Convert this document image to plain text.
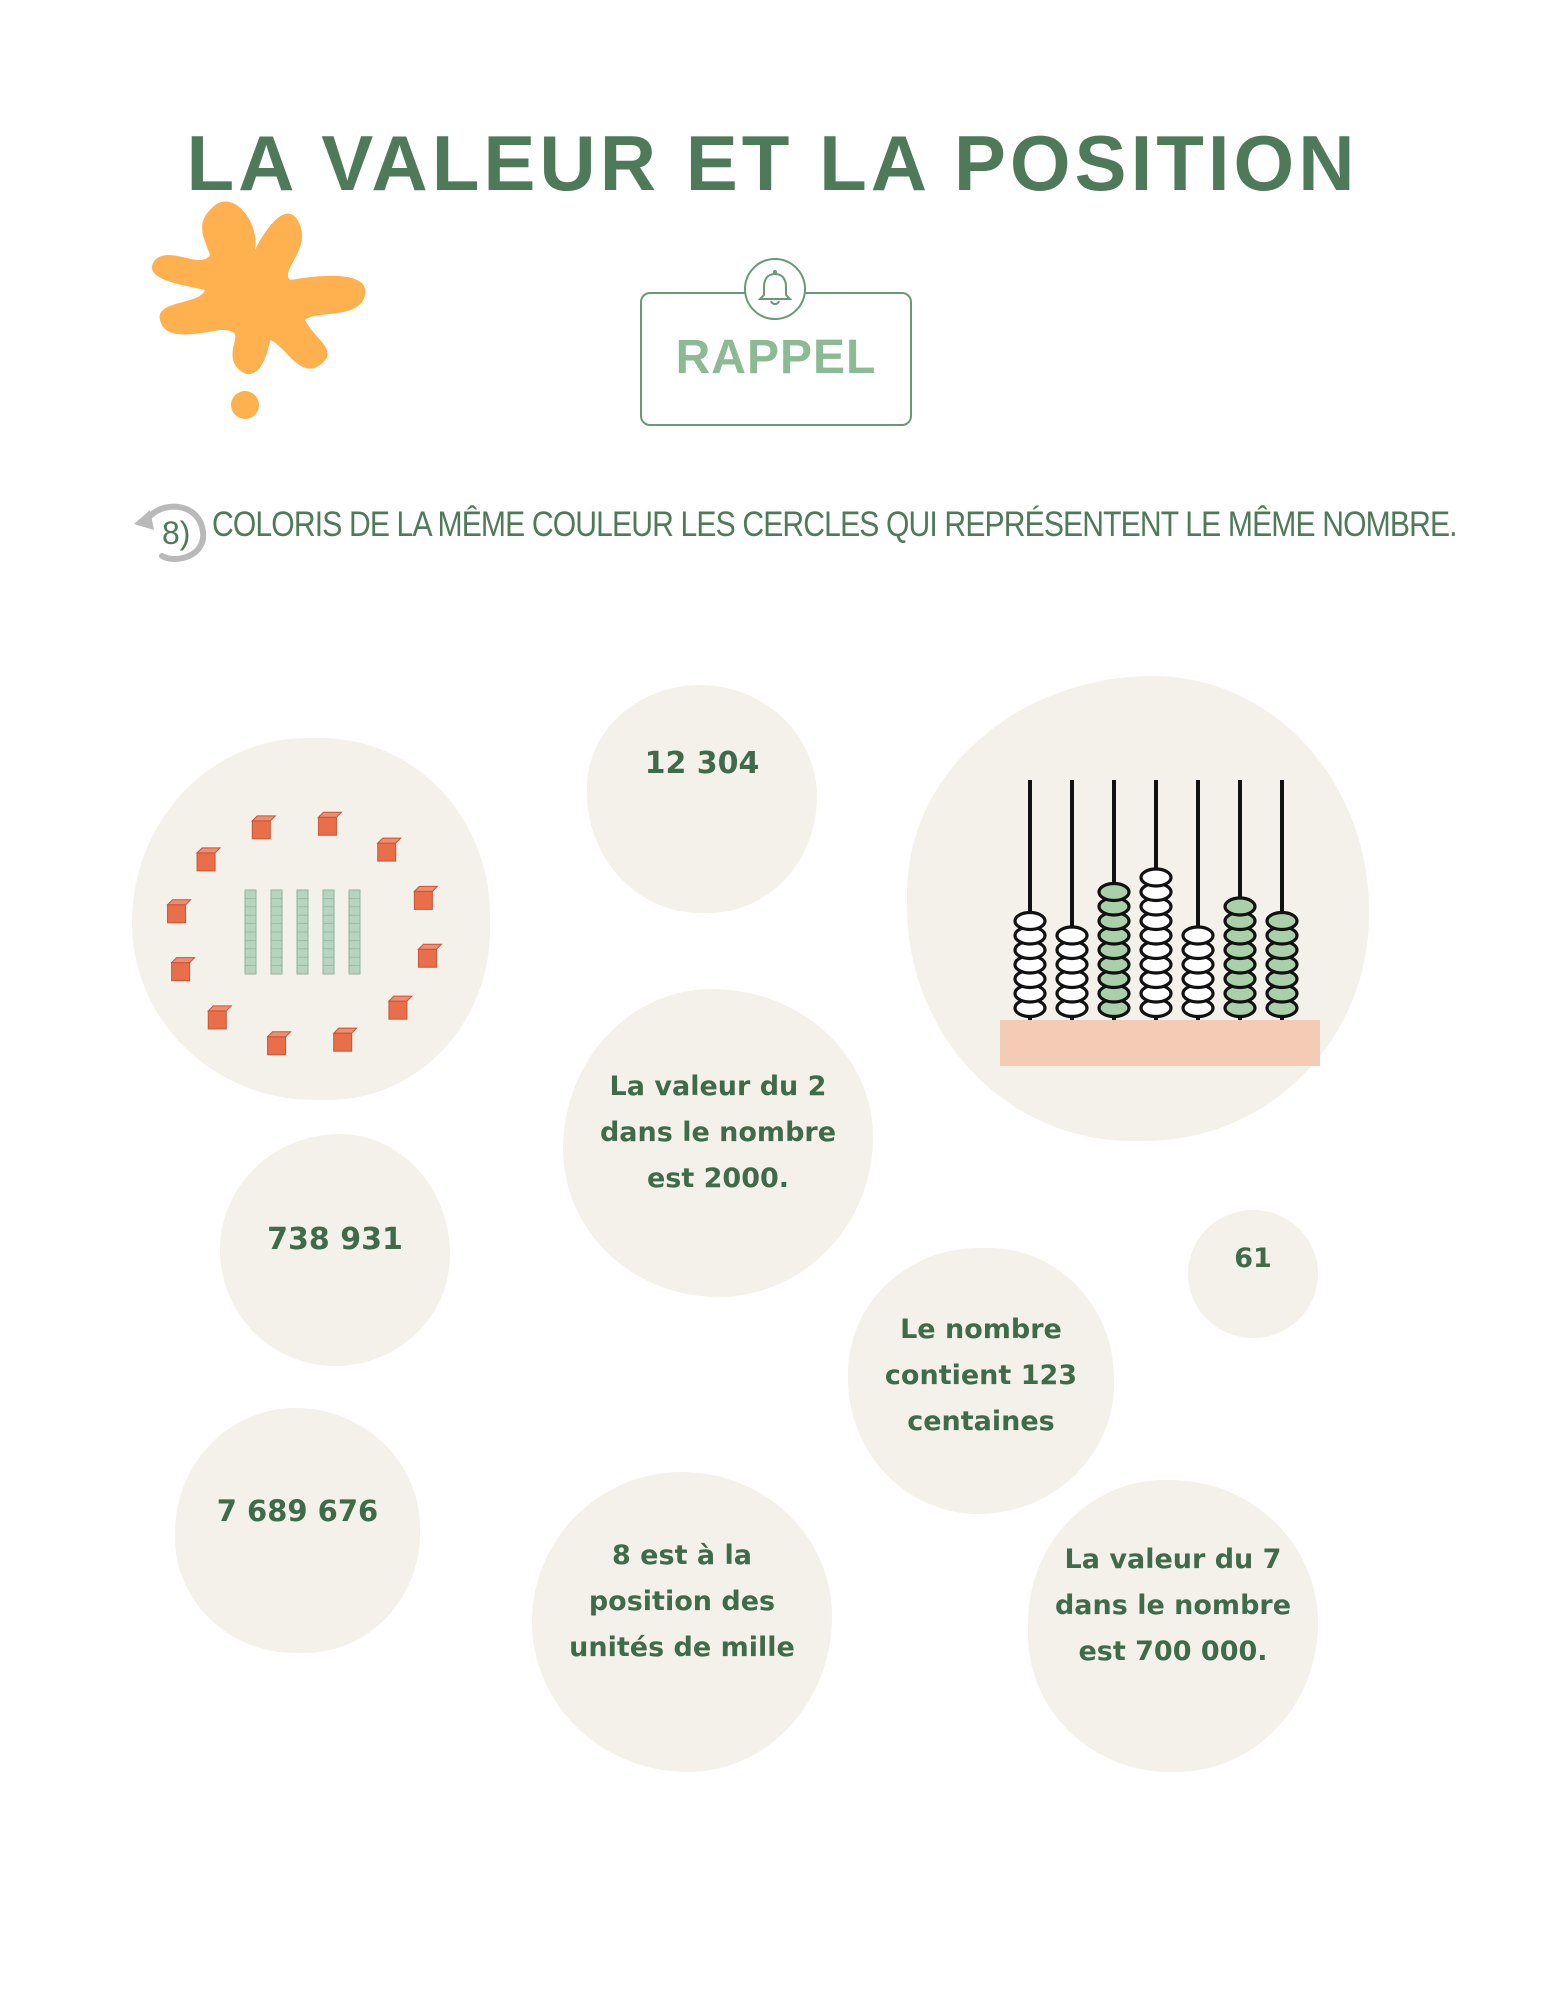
LA VALEUR ET LA POSITION
RAPPEL
8) COLORIS DE LA MÊME COULEUR LES CERCLES QUI REPRÉSENTENT LE MÊME NOMBRE.
12 304
La valeur du 2
dans le nombre
est 2000.
738 931
61
Le nombre
contient 123
centaines
7 689 676
8 est à la
position des
unités de mille
La valeur du 7
dans le nombre
est 700 000.
